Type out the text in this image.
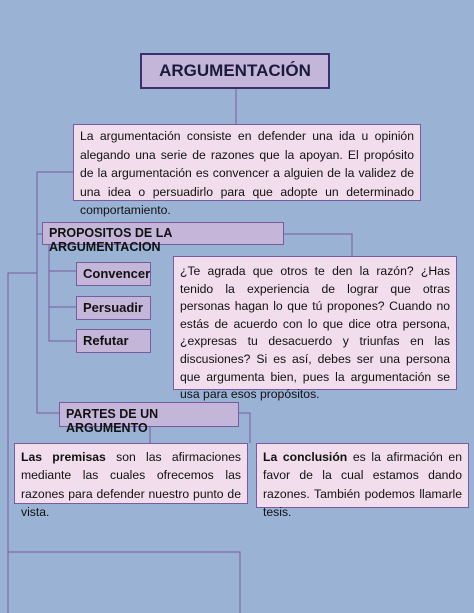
ARGUMENTACIÓN
La argumentación consiste en defender una ida u opinión alegando una serie de razones que la apoyan. El propósito de la argumentación es convencer a alguien de la validez de una idea o persuadirlo para que adopte un determinado comportamiento.
PROPOSITOS DE LA ARGUMENTACION
Convencer
Persuadir
Refutar
¿Te agrada que otros te den la razón? ¿Has tenido la experiencia de lograr que otras personas hagan lo que tú propones? Cuando no estás de acuerdo con lo que dice otra persona, ¿expresas tu desacuerdo y triunfas en las discusiones? Si es así, debes ser una persona que argumenta bien, pues la argumentación se usa para esos propósitos.
PARTES DE UN ARGUMENTO
Las premisas son las afirmaciones mediante las cuales ofrecemos las razones para defender nuestro punto de vista.
La conclusión es la afirmación en favor de la cual estamos dando razones. También podemos llamarle tesis.
